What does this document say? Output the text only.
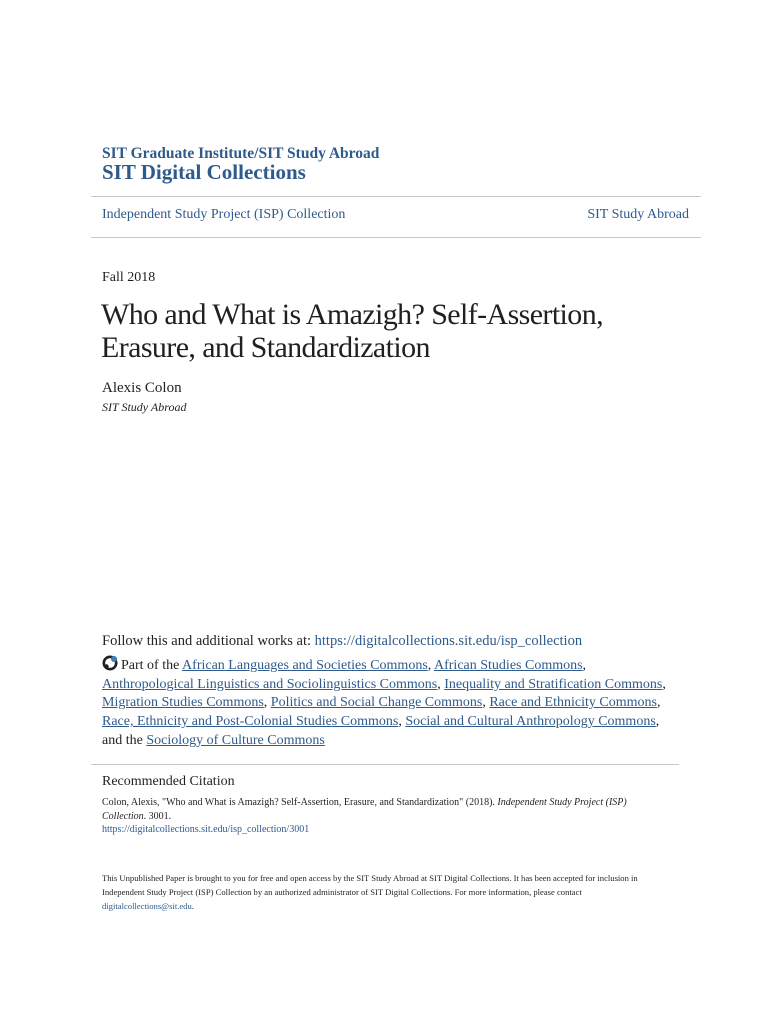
SIT Graduate Institute/SIT Study Abroad
SIT Digital Collections
Independent Study Project (ISP) Collection	SIT Study Abroad
Fall 2018
Who and What is Amazigh? Self-Assertion,
Erasure, and Standardization
Alexis Colon
SIT Study Abroad
Follow this and additional works at: https://digitalcollections.sit.edu/isp_collection
Part of the African Languages and Societies Commons, African Studies Commons,
Anthropological Linguistics and Sociolinguistics Commons, Inequality and Stratification Commons,
Migration Studies Commons, Politics and Social Change Commons, Race and Ethnicity Commons,
Race, Ethnicity and Post-Colonial Studies Commons, Social and Cultural Anthropology Commons,
and the Sociology of Culture Commons
Recommended Citation
Colon, Alexis, "Who and What is Amazigh? Self-Assertion, Erasure, and Standardization" (2018). Independent Study Project (ISP) Collection. 3001.
https://digitalcollections.sit.edu/isp_collection/3001
This Unpublished Paper is brought to you for free and open access by the SIT Study Abroad at SIT Digital Collections. It has been accepted for inclusion in Independent Study Project (ISP) Collection by an authorized administrator of SIT Digital Collections. For more information, please contact digitalcollections@sit.edu.
